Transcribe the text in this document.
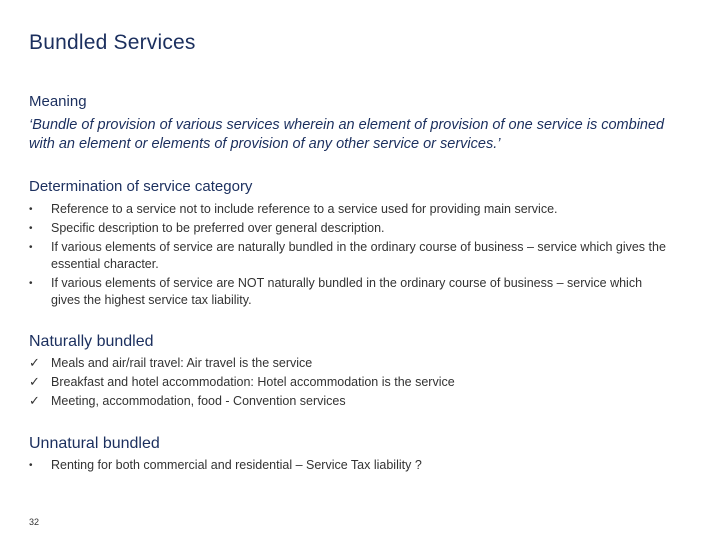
Bundled Services
Meaning

‘Bundle of provision of various services wherein an element of provision of one service is combined with an element or elements of provision of any other service or services.’

Determination of service category
• Reference to a service not to include reference to a service used for providing main service.
• Specific description to be preferred over general description.
• If various elements of service are naturally bundled in the ordinary course of business – service which gives the essential character.
• If various elements of service are NOT naturally bundled in the ordinary course of business – service which gives the highest service tax liability.
Naturally bundled
✓ Meals and air/rail travel: Air travel is the service
✓ Breakfast and hotel accommodation: Hotel accommodation is the service
✓ Meeting, accommodation, food - Convention services
Unnatural bundled
• Renting for both commercial and residential – Service Tax liability ?
32
